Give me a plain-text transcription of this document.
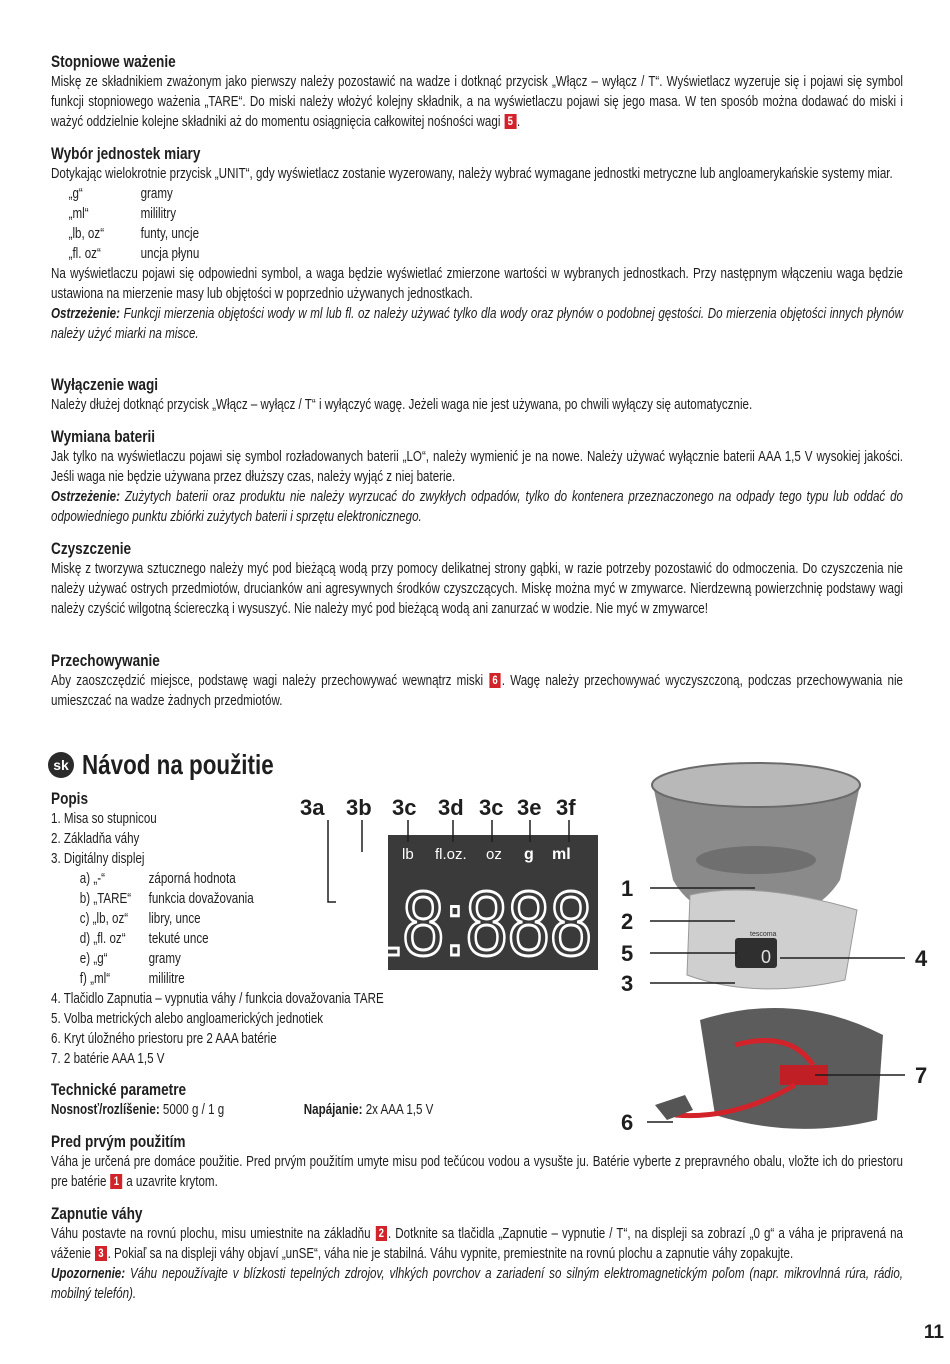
Stopniowe ważenie

Miskę ze składnikiem zważonym jako pierwszy należy pozostawić na wadze i dotknąć przycisk „Włącz – wyłącz / T“. Wyświetlacz wyzeruje się i pojawi się symbol funkcji stopniowego ważenia „TARE“. Do miski należy włożyć kolejny składnik, a na wyświetlaczu pojawi się jego masa. W ten sposób można dodawać do miski i ważyć oddzielnie kolejne składniki aż do momentu osiągnięcia całkowitej nośności wagi 5 .

Wybór jednostek miary

Dotykając wielokrotnie przycisk „UNIT“, gdy wyświetlacz zostanie wyzerowany, należy wybrać wymagane jednostki metryczne lub angloamerykańskie systemy miar.

„g“	gramy
„ml“	mililitry
„lb, oz“	funty, uncje
„fl. oz“	uncja płynu

Na wyświetlaczu pojawi się odpowiedni symbol, a waga będzie wyświetlać zmierzone wartości w wybranych jednostkach. Przy następnym włączeniu waga będzie ustawiona na mierzenie masy lub objętości w poprzednio używanych jednostkach.

Ostrzeżenie: Funkcji mierzenia objętości wody w ml lub fl. oz należy używać tylko dla wody oraz płynów o podobnej gęstości. Do mierzenia objętości innych płynów należy użyć miarki na misce.

Wyłączenie wagi

Należy dłużej dotknąć przycisk „Włącz – wyłącz / T“ i wyłączyć wagę. Jeżeli waga nie jest używana, po chwili wyłączy się automatycznie.

Wymiana baterii

Jak tylko na wyświetlaczu pojawi się symbol rozładowanych baterii „LO“, należy wymienić je na nowe. Należy używać wyłącznie baterii AAA 1,5 V wysokiej jakości. Jeśli waga nie będzie używana przez dłuższy czas, należy wyjąć z niej baterie.

Ostrzeżenie: Zużytych baterii oraz produktu nie należy wyrzucać do zwykłych odpadów, tylko do kontenera przeznaczonego na odpady tego typu lub oddać do odpowiedniego punktu zbiórki zużytych baterii i sprzętu elektronicznego.

Czyszczenie

Miskę z tworzywa sztucznego należy myć pod bieżącą wodą przy pomocy delikatnej strony gąbki, w razie potrzeby pozostawić do odmoczenia. Do czyszczenia nie należy używać ostrych przedmiotów, drucianków ani agresywnych środków czyszczących. Miskę można myć w zmywarce. Nierdzewną powierzchnię podstawy wagi należy czyścić wilgotną ściereczką i wysuszyć. Nie należy myć pod bieżącą wodą ani zanurzać w wodzie. Nie myć w zmywarce!

Przechowywanie

Aby zaoszczędzić miejsce, podstawę wagi należy przechowywać wewnątrz miski 6 . Wagę należy przechowywać wyczyszczoną, podczas przechowywania nie umieszczać na wadze żadnych przedmiotów.

sk Návod na použitie

Popis

1. Misa so stupnicou

2. Základňa váhy

3. Digitálny displej

a) „-“	záporná hodnota
b) „TARE“	funkcia dovažovania
c) „lb, oz“	libry, unce
d) „fl. oz“	tekuté unce
e) „g“	gramy
f) „ml“	mililitre

4. Tlačidlo Zapnutia – vypnutia váhy / funkcia dovažovania TARE

5. Volba metrických alebo angloamerických jednotiek

6. Kryt úložného priestoru pre 2 AAA batérie

7. 2 batérie AAA 1,5 V

Technické parametre

Nosnosť/rozlíšenie: 5000 g / 1 g	Napájanie: 2x AAA 1,5 V

Pred prvým použitím

Váha je určená pre domáce použitie. Pred prvým použitím umyte misu pod tečúcou vodou a vysušte ju. Batérie vyberte z prepravného obalu, vložte ich do priestoru pre batérie 1 a uzavrite krytom.

Zapnutie váhy

Váhu postavte na rovnú plochu, misu umiestnite na základňu 2 . Dotknite sa tlačidla „Zapnutie – vypnutie / T“, na displeji sa zobrazí „0 g“ a váha je pripravená na váženie 3 . Pokiaľ sa na displeji váhy objaví „unSE“, váha nie je stabilná. Váhu vypnite, premiestnite na rovnú plochu a zapnutie váhy zopakujte.

Upozornenie: Váhu nepoužívajte v blízkosti tepelných zdrojov, vlhkých povrchov a zariadení so silným elektromagnetickým poľom (napr. mikrovlnná rúra, rádio, mobilný telefón).

3a 3b 3c 3d 3c 3e 3f
TARE
lb fl.oz. oz g ml
18:888	0
tescoma
1
2
5
3
4
7
6
11
